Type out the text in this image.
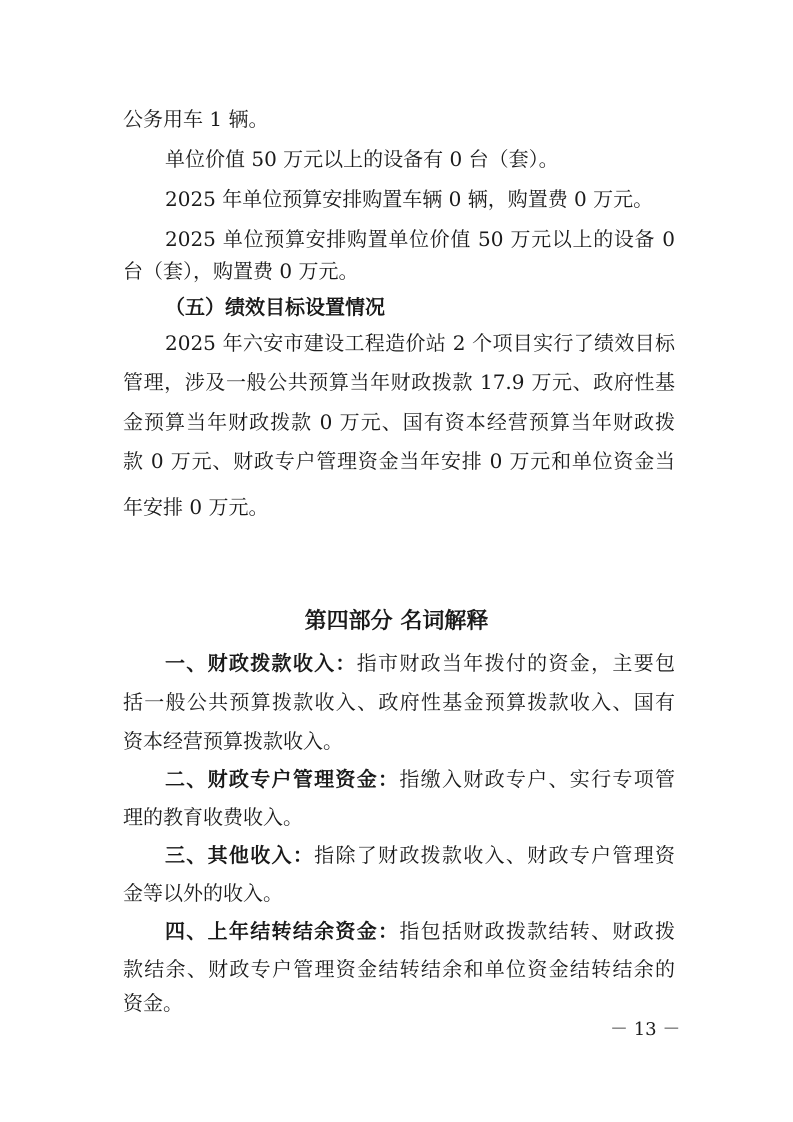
公务用车 1 辆。
单位价值 50 万元以上的设备有 0 台（套）。
2025 年单位预算安排购置车辆 0 辆，购置费 0 万元。
2025 单位预算安排购置单位价值 50 万元以上的设备 0
台（套），购置费 0 万元。
（五）绩效目标设置情况
2025 年六安市建设工程造价站 2 个项目实行了绩效目标
管理，涉及一般公共预算当年财政拨款 17.9 万元、政府性基
金预算当年财政拨款 0 万元、国有资本经营预算当年财政拨
款 0 万元、财政专户管理资金当年安排 0 万元和单位资金当
年安排 0 万元。
第四部分 名词解释
一、财政拨款收入：指市财政当年拨付的资金，主要包
括一般公共预算拨款收入、政府性基金预算拨款收入、国有
资本经营预算拨款收入。
二、财政专户管理资金：指缴入财政专户、实行专项管
理的教育收费收入。
三、其他收入：指除了财政拨款收入、财政专户管理资
金等以外的收入。
四、上年结转结余资金：指包括财政拨款结转、财政拨
款结余、财政专户管理资金结转结余和单位资金结转结余的
资金。
－ 13 －
